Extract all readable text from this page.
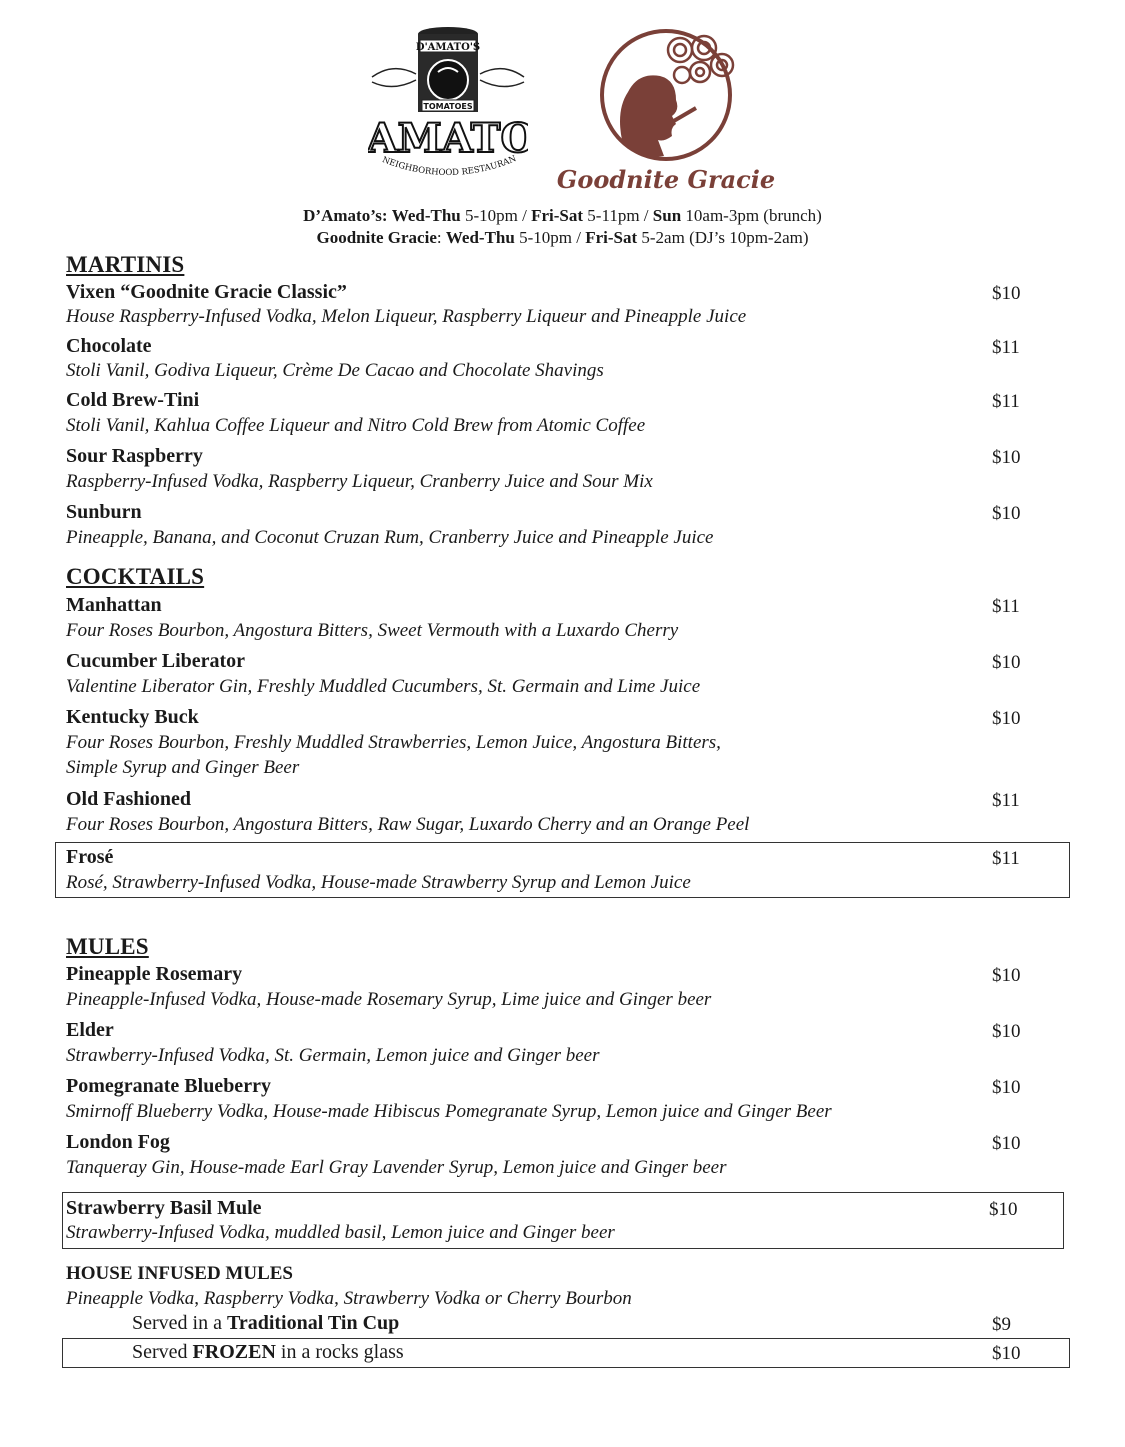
D'AMATO'S
TOMATOES
AMATO
NEIGHBORHOOD RESTAURAN
Goodnite Gracie
D’Amato’s: Wed-Thu 5-10pm / Fri-Sat 5-11pm / Sun 10am-3pm (brunch)
Goodnite Gracie: Wed-Thu 5-10pm / Fri-Sat 5-2am (DJ’s 10pm-2am)
MARTINIS
Vixen “Goodnite Gracie Classic”	$10
House Raspberry-Infused Vodka, Melon Liqueur, Raspberry Liqueur and Pineapple Juice
Chocolate	$11
Stoli Vanil, Godiva Liqueur, Crème De Cacao and Chocolate Shavings
Cold Brew-Tini	$11
Stoli Vanil, Kahlua Coffee Liqueur and Nitro Cold Brew from Atomic Coffee
Sour Raspberry	$10
Raspberry-Infused Vodka, Raspberry Liqueur, Cranberry Juice and Sour Mix
Sunburn	$10
Pineapple, Banana, and Coconut Cruzan Rum, Cranberry Juice and Pineapple Juice
COCKTAILS
Manhattan	$11
Four Roses Bourbon, Angostura Bitters, Sweet Vermouth with a Luxardo Cherry
Cucumber Liberator	$10
Valentine Liberator Gin, Freshly Muddled Cucumbers, St. Germain and Lime Juice
Kentucky Buck	$10
Four Roses Bourbon, Freshly Muddled Strawberries, Lemon Juice, Angostura Bitters,
Simple Syrup and Ginger Beer
Old Fashioned	$11
Four Roses Bourbon, Angostura Bitters, Raw Sugar, Luxardo Cherry and an Orange Peel
Frosé	$11
Rosé, Strawberry-Infused Vodka, House-made Strawberry Syrup and Lemon Juice
MULES
Pineapple Rosemary	$10
Pineapple-Infused Vodka, House-made Rosemary Syrup, Lime juice and Ginger beer
Elder	$10
Strawberry-Infused Vodka, St. Germain, Lemon juice and Ginger beer
Pomegranate Blueberry	$10
Smirnoff Blueberry Vodka, House-made Hibiscus Pomegranate Syrup, Lemon juice and Ginger Beer
London Fog	$10
Tanqueray Gin, House-made Earl Gray Lavender Syrup, Lemon juice and Ginger beer
Strawberry Basil Mule	$10
Strawberry-Infused Vodka, muddled basil, Lemon juice and Ginger beer
HOUSE INFUSED MULES
Pineapple Vodka, Raspberry Vodka, Strawberry Vodka or Cherry Bourbon
Served in a Traditional Tin Cup	$9
Served FROZEN in a rocks glass	$10
